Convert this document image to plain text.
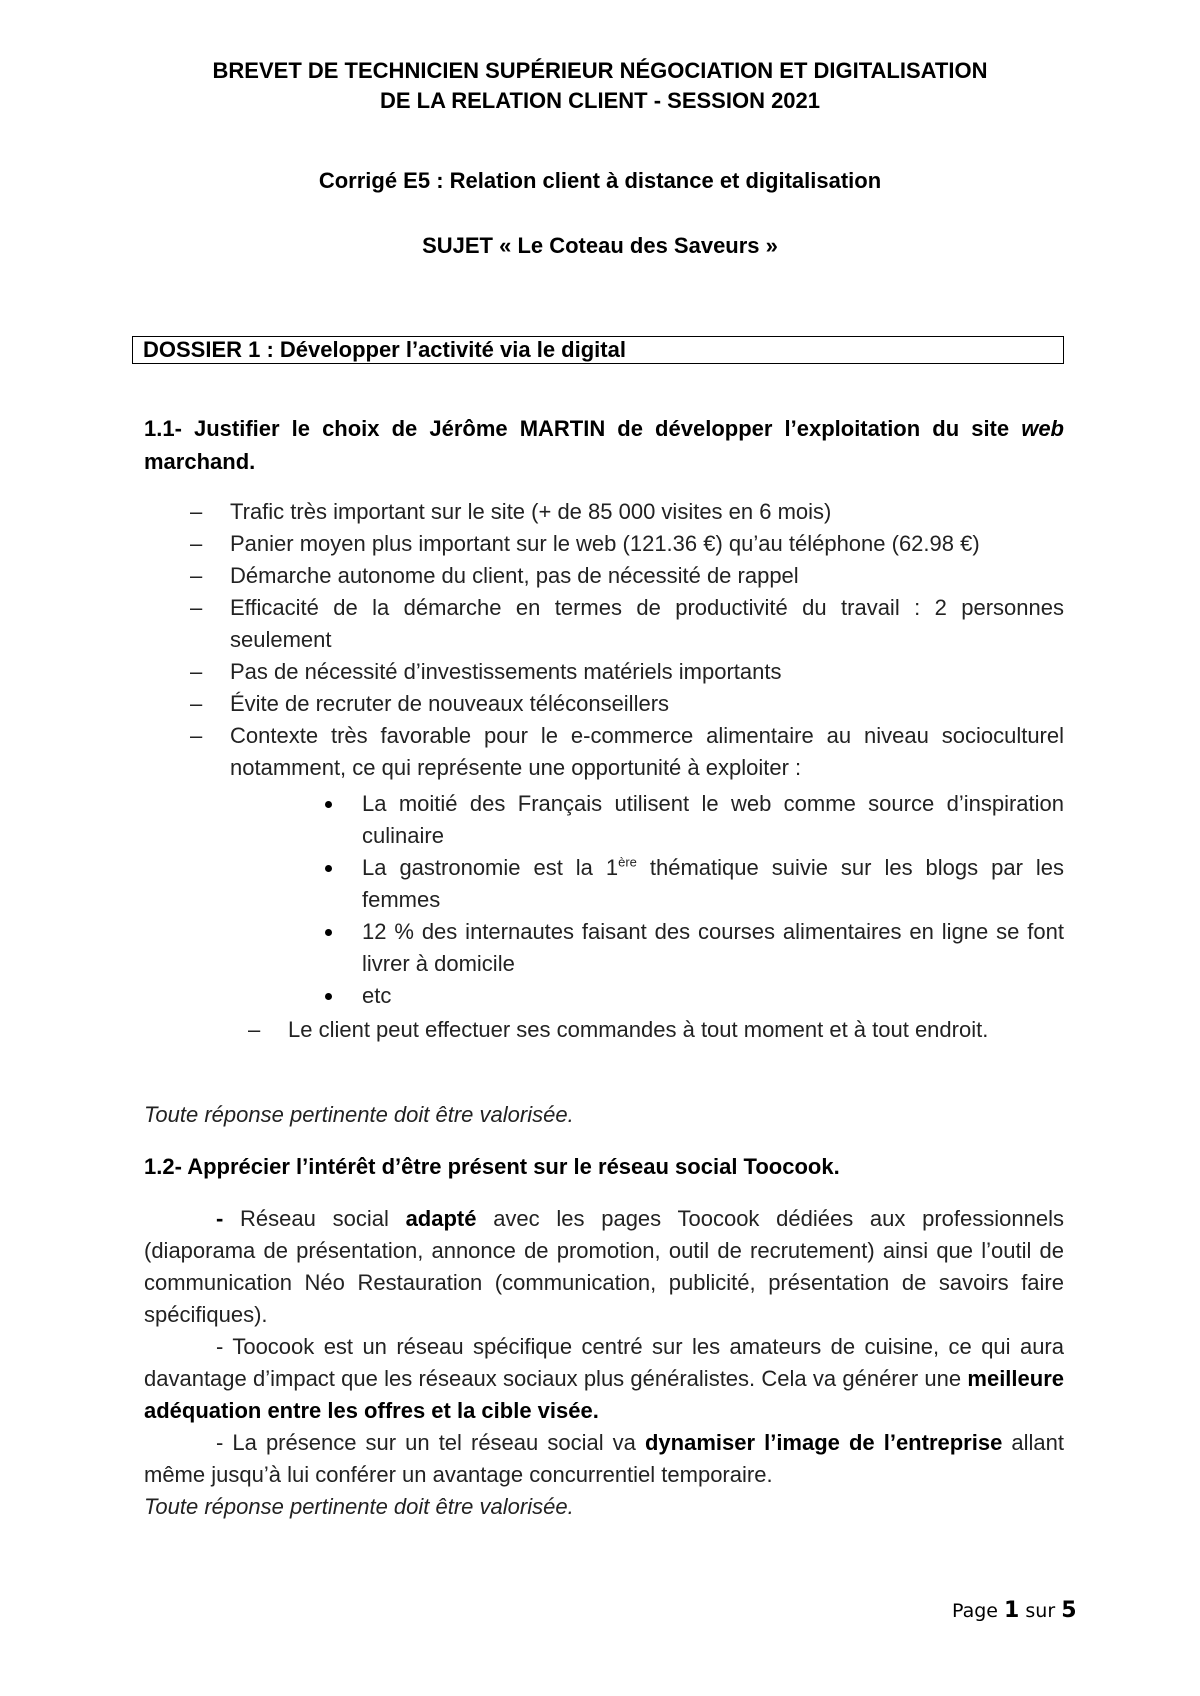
BREVET DE TECHNICIEN SUPÉRIEUR NÉGOCIATION ET DIGITALISATION
DE LA RELATION CLIENT - SESSION 2021
Corrigé E5 : Relation client à distance et digitalisation
SUJET « Le Coteau des Saveurs »
DOSSIER 1 : Développer l’activité via le digital
1.1- Justifier le choix de Jérôme MARTIN de développer l’exploitation du site web marchand.
– Trafic très important sur le site (+ de 85 000 visites en 6 mois)
– Panier moyen plus important sur le web (121.36 €) qu’au téléphone (62.98 €)
– Démarche autonome du client, pas de nécessité de rappel
– Efficacité de la démarche en termes de productivité du travail : 2 personnes seulement
– Pas de nécessité d’investissements matériels importants
– Évite de recruter de nouveaux téléconseillers
– Contexte très favorable pour le e-commerce alimentaire au niveau socioculturel notamment, ce qui représente une opportunité à exploiter :
La moitié des Français utilisent le web comme source d’inspiration culinaire
La gastronomie est la 1ère thématique suivie sur les blogs par les femmes
12 % des internautes faisant des courses alimentaires en ligne se font livrer à domicile
etc
– Le client peut effectuer ses commandes à tout moment et à tout endroit.
Toute réponse pertinente doit être valorisée.
1.2- Apprécier l’intérêt d’être présent sur le réseau social Toocook.
- Réseau social adapté avec les pages Toocook dédiées aux professionnels (diaporama de présentation, annonce de promotion, outil de recrutement) ainsi que l’outil de communication Néo Restauration (communication, publicité, présentation de savoirs faire spécifiques).
- Toocook est un réseau spécifique centré sur les amateurs de cuisine, ce qui aura davantage d’impact que les réseaux sociaux plus généralistes. Cela va générer une meilleure adéquation entre les offres et la cible visée.
- La présence sur un tel réseau social va dynamiser l’image de l’entreprise allant même jusqu’à lui conférer un avantage concurrentiel temporaire.
Toute réponse pertinente doit être valorisée.
Page 1 sur 5
